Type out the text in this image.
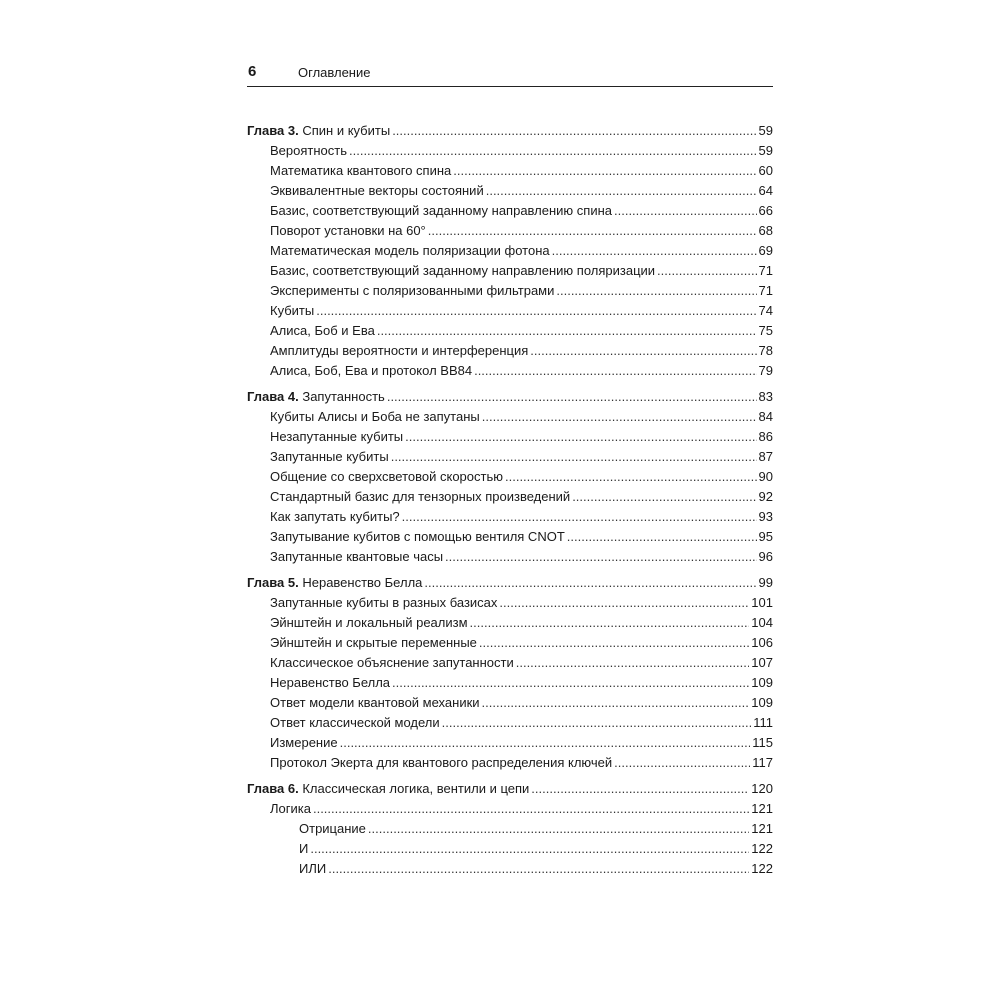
6	Оглавление
Глава 3. Спин и кубиты .....	59
Вероятность .....	59
Математика квантового спина .....	60
Эквивалентные векторы состояний .....	64
Базис, соответствующий заданному направлению спина .....	66
Поворот установки на 60° .....	68
Математическая модель поляризации фотона .....	69
Базис, соответствующий заданному направлению поляризации .....	71
Эксперименты с поляризованными фильтрами .....	71
Кубиты .....	74
Алиса, Боб и Ева .....	75
Амплитуды вероятности и интерференция .....	78
Алиса, Боб, Ева и протокол BB84 .....	79
Глава 4. Запутанность .....	83
Кубиты Алисы и Боба не запутаны .....	84
Незапутанные кубиты .....	86
Запутанные кубиты .....	87
Общение со сверхсветовой скоростью .....	90
Стандартный базис для тензорных произведений .....	92
Как запутать кубиты? .....	93
Запутывание кубитов с помощью вентиля CNOT .....	95
Запутанные квантовые часы .....	96
Глава 5. Неравенство Белла .....	99
Запутанные кубиты в разных базисах .....	101
Эйнштейн и локальный реализм .....	104
Эйнштейн и скрытые переменные .....	106
Классическое объяснение запутанности .....	107
Неравенство Белла .....	109
Ответ модели квантовой механики .....	109
Ответ классической модели .....	111
Измерение .....	115
Протокол Экерта для квантового распределения ключей .....	117
Глава 6. Классическая логика, вентили и цепи .....	120
Логика .....	121
Отрицание .....	121
И .....	122
ИЛИ .....	122
